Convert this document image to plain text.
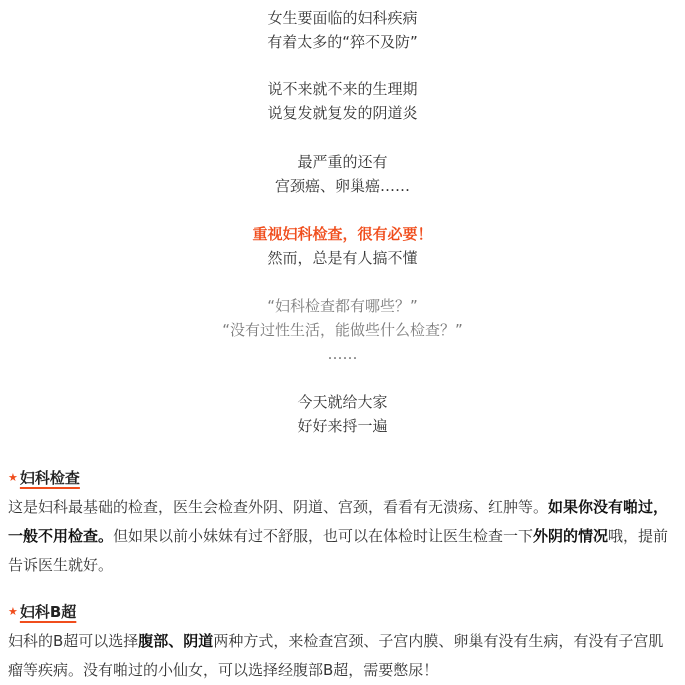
女生要面临的妇科疾病
有着太多的“猝不及防”
说不来就不来的生理期
说复发就复发的阴道炎
最严重的还有
宫颈癌、卵巢癌……
重视妇科检查，很有必要！
然而，总是有人搞不懂
“妇科检查都有哪些？”
“没有过性生活，能做些什么检查？”
……
今天就给大家
好好来捋一遍
★ 妇科检查

这是妇科最基础的检查，医生会检查外阴、阴道、宫颈，看看有无溃疡、红肿等。如果你没有啪过，一般不用检查。但如果以前小妹妹有过不舒服，也可以在体检时让医生检查一下外阴的情况哦，提前告诉医生就好。

★ 妇科B超

妇科的B超可以选择腹部、阴道两种方式，来检查宫颈、子宫内膜、卵巢有没有生病，有没有子宫肌瘤等疾病。没有啪过的小仙女，可以选择经腹部B超，需要憋尿！
